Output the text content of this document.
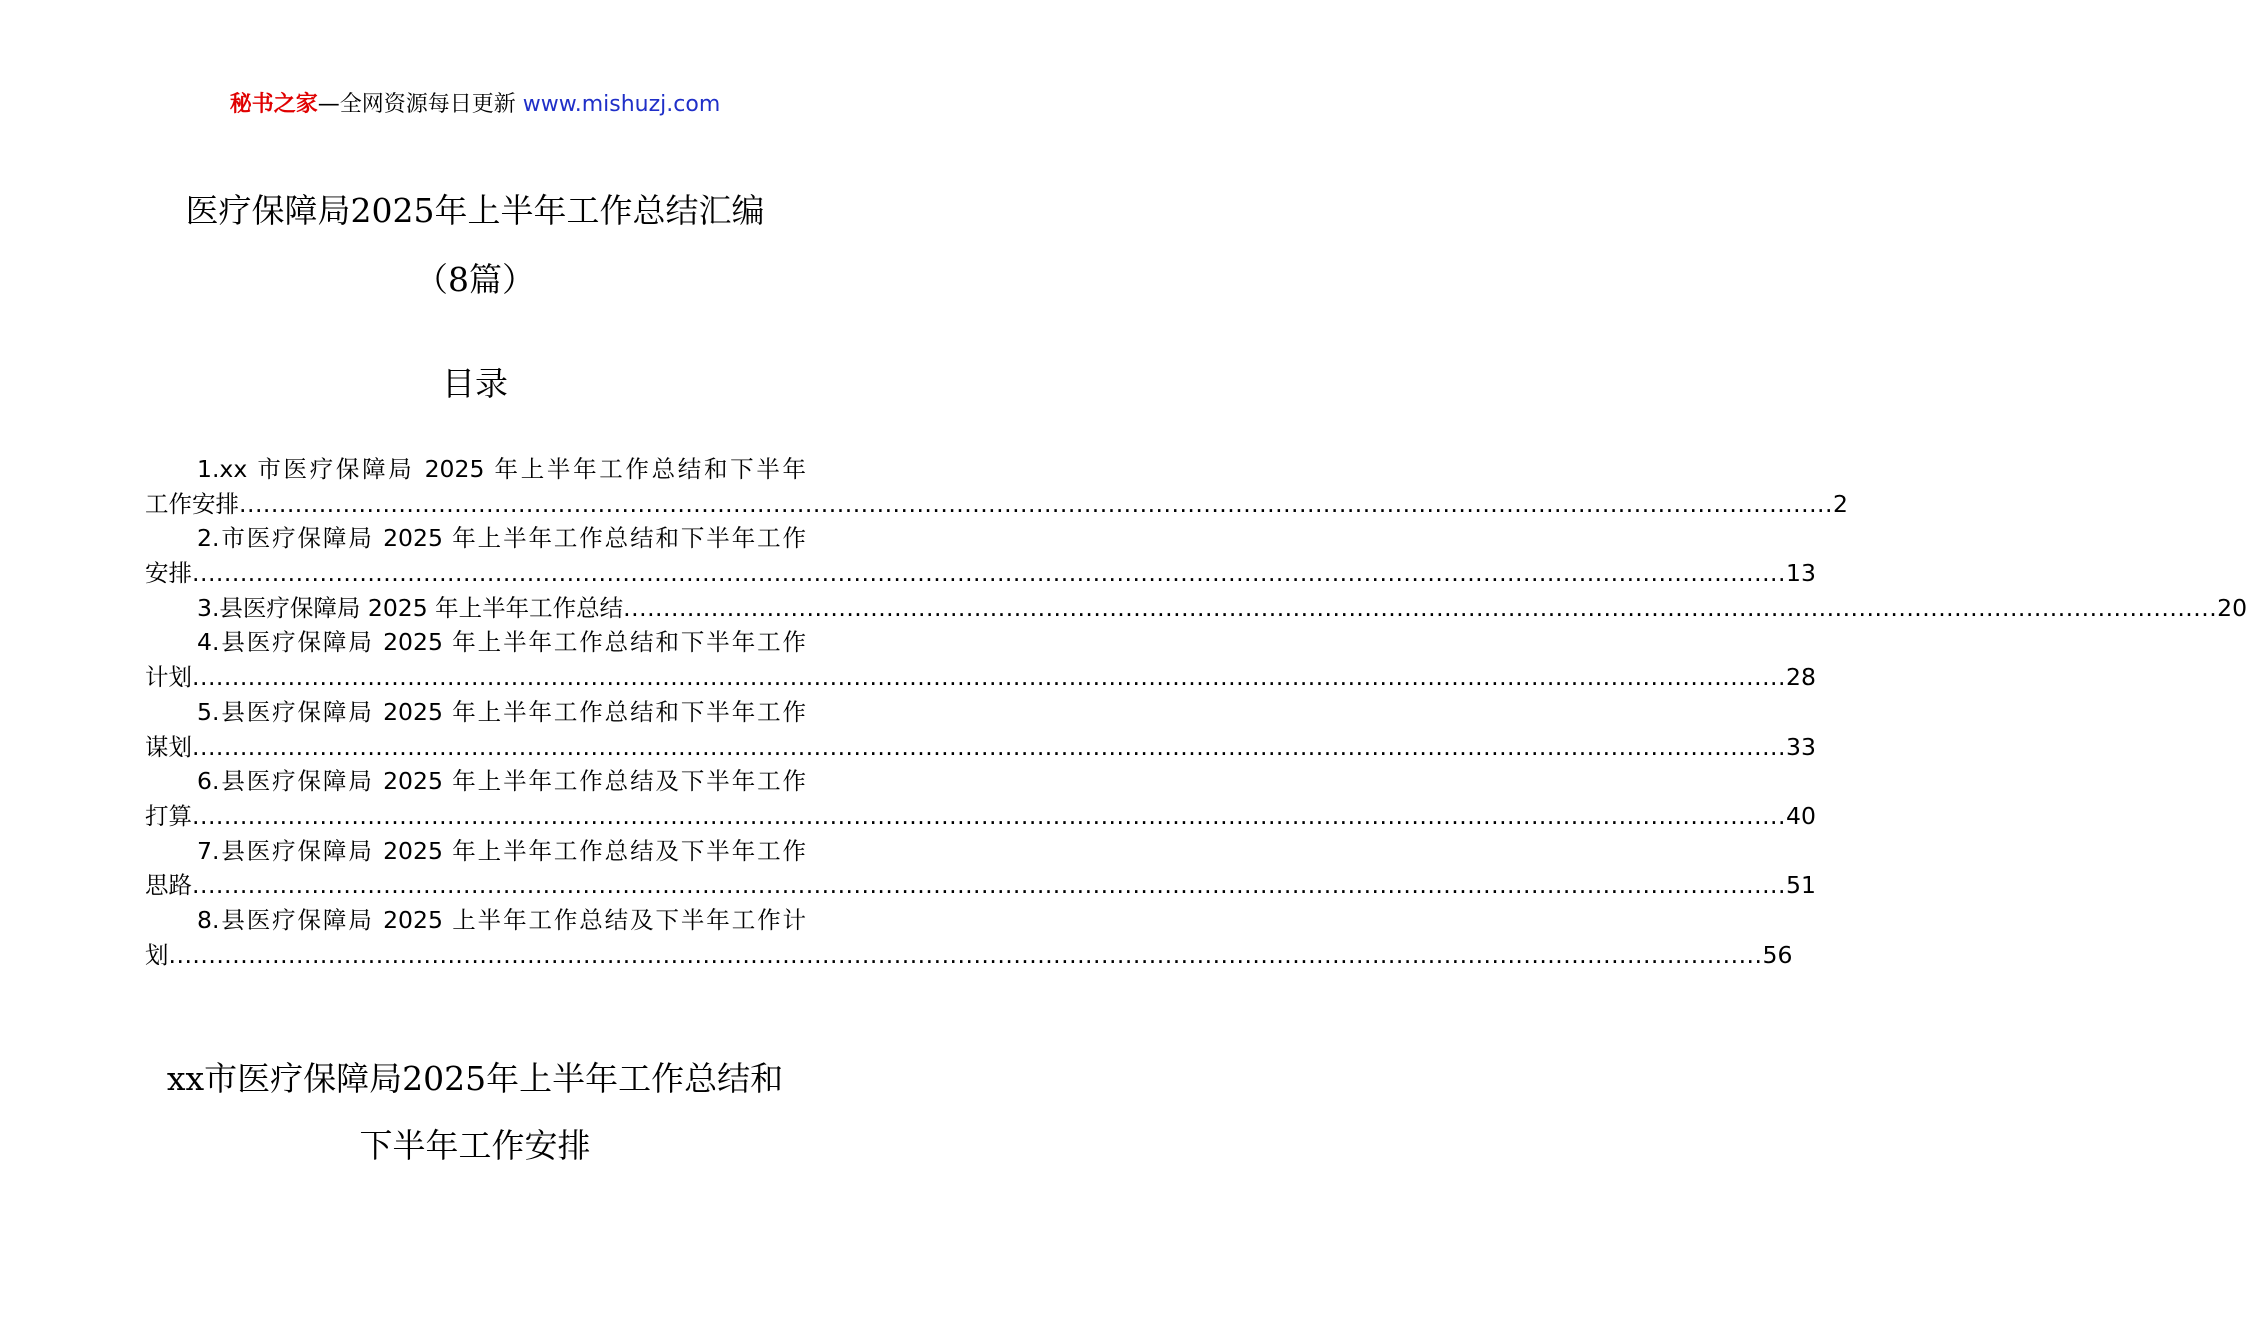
秘书之家—全网资源每日更新 www.mishuzj.com
医疗保障局2025年上半年工作总结汇编
（8篇）
目录
1.xx 市医疗保障局 2025 年上半年工作总结和下半年
工作安排 ........................................................................................................................................................................................................ 2
2.市医疗保障局 2025 年上半年工作总结和下半年工作
安排 ........................................................................................................................................................................................................ 13
3.县医疗保障局 2025 年上半年工作总结 ........................................................................................................................................................................................................ 20
4.县医疗保障局 2025 年上半年工作总结和下半年工作
计划 ........................................................................................................................................................................................................ 28
5.县医疗保障局 2025 年上半年工作总结和下半年工作
谋划 ........................................................................................................................................................................................................ 33
6.县医疗保障局 2025 年上半年工作总结及下半年工作
打算 ........................................................................................................................................................................................................ 40
7.县医疗保障局 2025 年上半年工作总结及下半年工作
思路 ........................................................................................................................................................................................................ 51
8.县医疗保障局 2025 上半年工作总结及下半年工作计
划 ........................................................................................................................................................................................................ 56
xx市医疗保障局2025年上半年工作总结和
下半年工作安排
